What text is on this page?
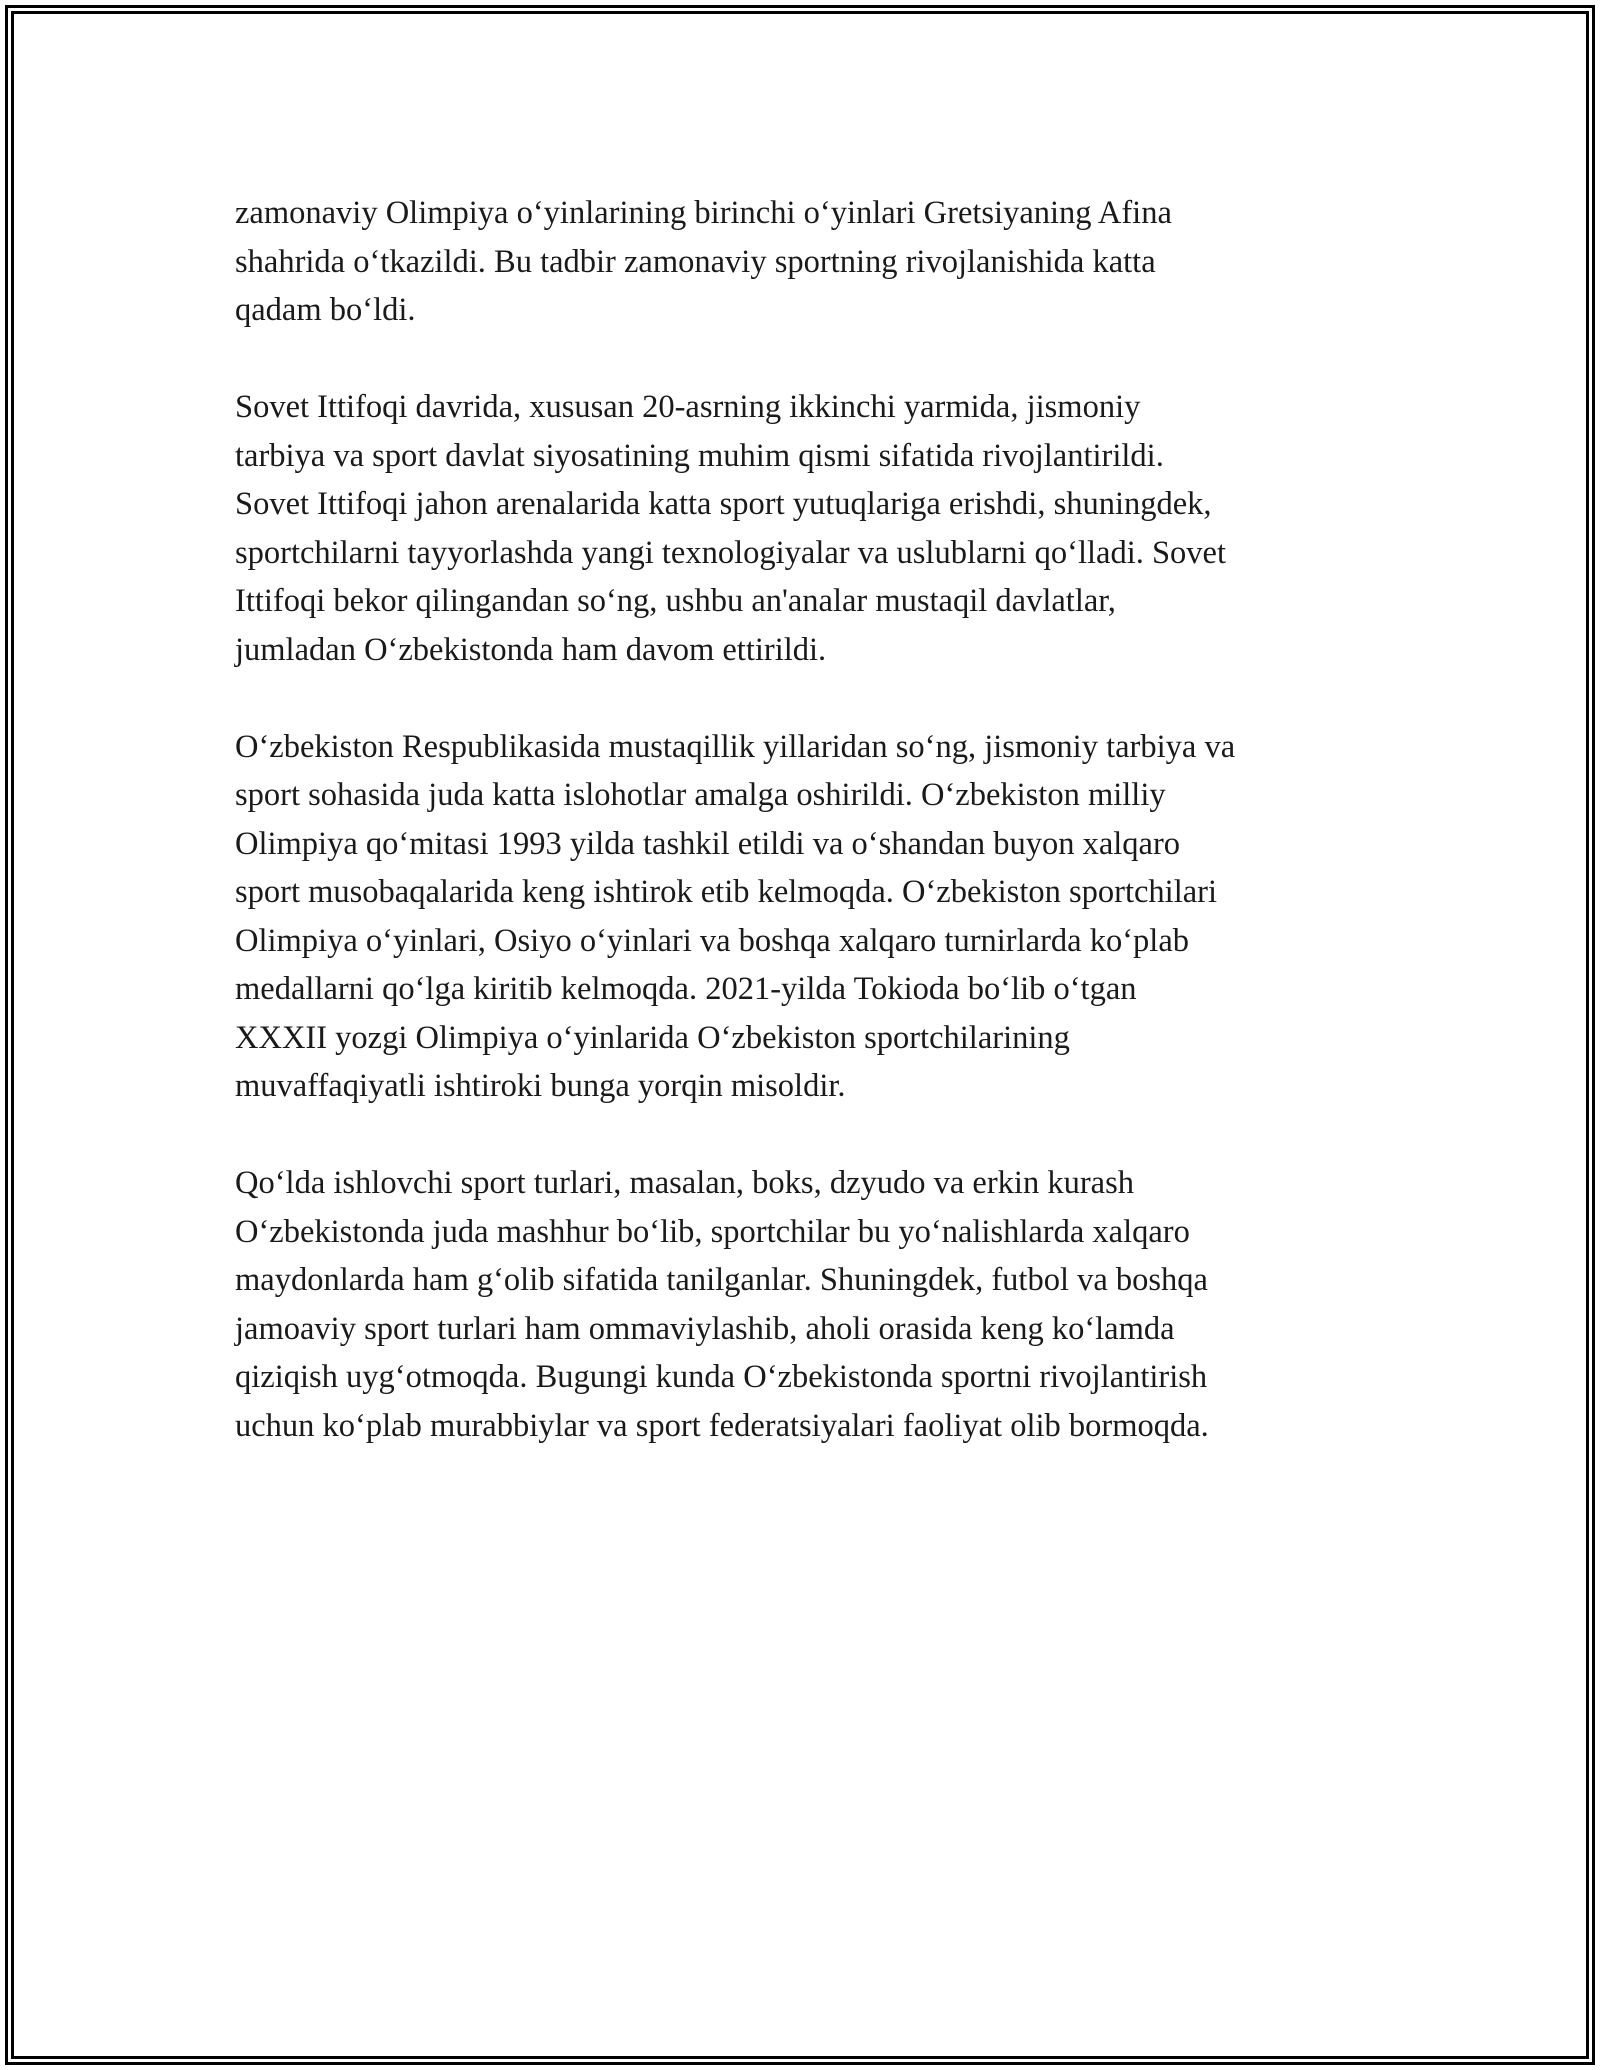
zamonaviy Olimpiya o‘yinlarining birinchi o‘yinlari Gretsiyaning Afina
shahrida o‘tkazildi. Bu tadbir zamonaviy sportning rivojlanishida katta
qadam bo‘ldi.

Sovet Ittifoqi davrida, xususan 20-asrning ikkinchi yarmida, jismoniy
tarbiya va sport davlat siyosatining muhim qismi sifatida rivojlantirildi.
Sovet Ittifoqi jahon arenalarida katta sport yutuqlariga erishdi, shuningdek,
sportchilarni tayyorlashda yangi texnologiyalar va uslublarni qo‘lladi. Sovet
Ittifoqi bekor qilingandan so‘ng, ushbu an'analar mustaqil davlatlar,
jumladan O‘zbekistonda ham davom ettirildi.

O‘zbekiston Respublikasida mustaqillik yillaridan so‘ng, jismoniy tarbiya va
sport sohasida juda katta islohotlar amalga oshirildi. O‘zbekiston milliy
Olimpiya qo‘mitasi 1993 yilda tashkil etildi va o‘shandan buyon xalqaro
sport musobaqalarida keng ishtirok etib kelmoqda. O‘zbekiston sportchilari
Olimpiya o‘yinlari, Osiyo o‘yinlari va boshqa xalqaro turnirlarda ko‘plab
medallarni qo‘lga kiritib kelmoqda. 2021-yilda Tokioda bo‘lib o‘tgan
XXXII yozgi Olimpiya o‘yinlarida O‘zbekiston sportchilarining
muvaffaqiyatli ishtiroki bunga yorqin misoldir.

Qo‘lda ishlovchi sport turlari, masalan, boks, dzyudo va erkin kurash
O‘zbekistonda juda mashhur bo‘lib, sportchilar bu yo‘nalishlarda xalqaro
maydonlarda ham g‘olib sifatida tanilganlar. Shuningdek, futbol va boshqa
jamoaviy sport turlari ham ommaviylashib, aholi orasida keng ko‘lamda
qiziqish uyg‘otmoqda. Bugungi kunda O‘zbekistonda sportni rivojlantirish
uchun ko‘plab murabbiylar va sport federatsiyalari faoliyat olib bormoqda.
